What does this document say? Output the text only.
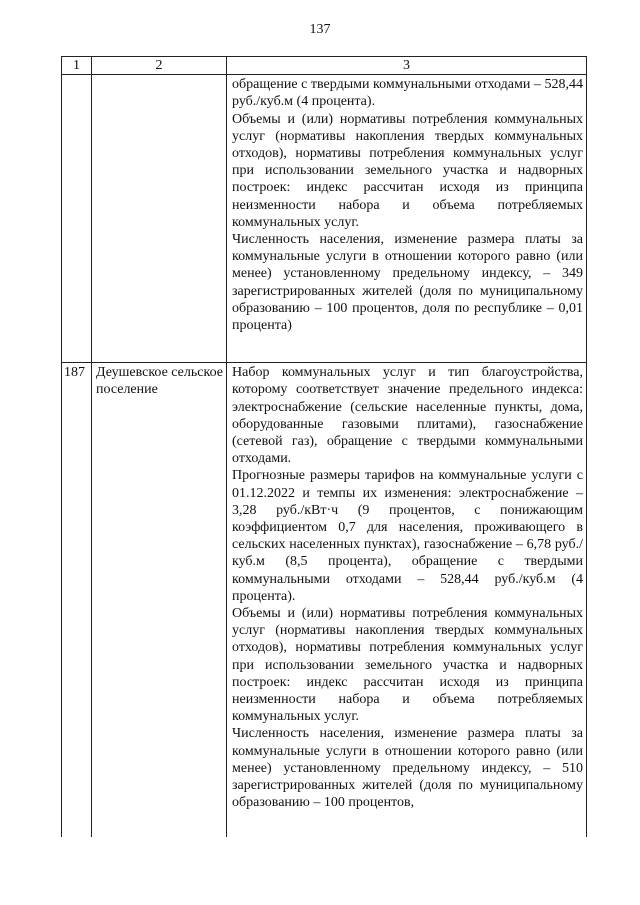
137
1	2	3

		обращение с твердыми коммунальными отходами – 528,44 руб./куб.м (4 процента).
Объемы и (или) нормативы потребления коммунальных услуг (нормативы накопления твердых коммунальных отходов), нормативы потребления коммунальных услуг при использовании земельного участка и надворных построек: индекс рассчитан исходя из принципа неизменности набора и объема потребляемых коммунальных услуг.
Численность населения, изменение размера платы за коммунальные услуги в отношении которого равно (или менее) установленному предельному индексу, – 349 зарегистрированных жителей (доля по муниципальному образованию – 100 процентов, доля по республике – 0,01 процента)

187	Деушевское сельское поселение	Набор коммунальных услуг и тип благоустройства, которому соответствует значение предельного индекса: электроснабжение (сельские населенные пункты, дома, оборудованные газовыми плитами), газоснабжение (сетевой газ), обращение с твердыми коммунальными отходами.
Прогнозные размеры тарифов на коммунальные услуги с 01.12.2022 и темпы их изменения: электроснабжение – 3,28 руб./кВт·ч (9 процентов, с понижающим коэффициентом 0,7 для населения, проживающего в сельских населенных пунктах), газоснабжение – 6,78 руб./куб.м (8,5 процента), обращение с твердыми коммунальными отходами – 528,44 руб./куб.м (4 процента).
Объемы и (или) нормативы потребления коммунальных услуг (нормативы накопления твердых коммунальных отходов), нормативы потребления коммунальных услуг при использовании земельного участка и надворных построек: индекс рассчитан исходя из принципа неизменности набора и объема потребляемых коммунальных услуг.
Численность населения, изменение размера платы за коммунальные услуги в отношении которого равно (или менее) установленному предельному индексу, – 510 зарегистрированных жителей (доля по муниципальному образованию – 100 процентов,
